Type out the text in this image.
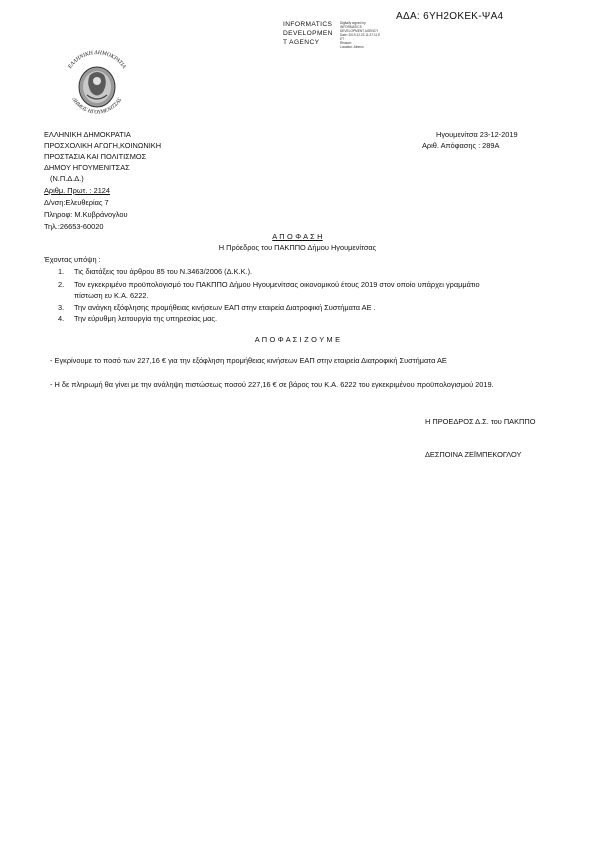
ΑΔΑ: 6ΥΗ2ΟΚΕΚ-ΨΑ4
INFORMATICS
DEVELOPMEN
T AGENCY
Digitally signed by
INFORMATICS
DEVELOPMENT AGENCY
Date: 2019.12.23 11:27:11 E
ET
Reason:
Location: Athens
ΕΛΛΗΝΙΚΗ ΔΗΜΟΚΡΑΤΙΑ
ΔΗΜΟΣ ΗΓΟΥΜΕΝΙΤΣΑΣ
ΕΛΛΗΝΙΚΗ ΔΗΜΟΚΡΑΤΙΑ
ΠΡΟΣΧΟΛΙΚΗ ΑΓΩΓΗ,ΚΟΙΝΩΝΙΚΗ
ΠΡΟΣΤΑΣΙΑ ΚΑΙ ΠΟΛΙΤΙΣΜΟΣ
ΔΗΜΟΥ ΗΓΟΥΜΕΝΙΤΣΑΣ
(Ν.Π.Δ.Δ.)
Αριθμ. Πρωτ. : 2124
Δ/νση:Ελευθερίας 7
Πληροφ: Μ.Κυβράνογλου
Τηλ.:26653-60020
Ηγουμενίτσα 23-12-2019
Αριθ. Απόφασης : 289Α
Α Π Ο Φ Α Σ Η
Η Πρόεδρος του ΠΑΚΠΠΟ Δήμου Ηγουμενίτσας
Έχοντας υπόψη :
1. Τις διατάξεις του άρθρου 85 του Ν.3463/2006 (Δ.Κ.Κ.).
2. Τον εγκεκριμένο προϋπολογισμό του ΠΑΚΠΠΟ Δήμου Ηγουμενίτσας οικονομικού έτους 2019 στον οποίο υπάρχει γραμμάτιο
πίστωση ευ Κ.Α. 6222.
3. Την ανάγκη εξόφλησης προμήθειας κινήσεων ΕΑΠ στην εταιρεία Διατροφική Συστήματα ΑΕ .
4. Την εύρυθμη λειτουργία της υπηρεσίας μας.
Α Π Ο Φ Α Σ Ι Ζ Ο Υ Μ Ε
- Εγκρίνουμε το ποσό των 227,16 € για την εξόφληση προμήθειας κινήσεων ΕΑΠ στην εταιρεία Διατροφική Συστήματα ΑΕ
- Η δε πληρωμή θα γίνει με την ανάληψη πιστώσεως ποσού 227,16 € σε βάρος του Κ.Α. 6222 του εγκεκριμένου προϋπολογισμού 2019.
Η ΠΡΟΕΔΡΟΣ Δ.Σ. του ΠΑΚΠΠΟ
ΔΕΣΠΟΙΝΑ ΖΕΪΜΠΕΚΟΓΛΟΥ
